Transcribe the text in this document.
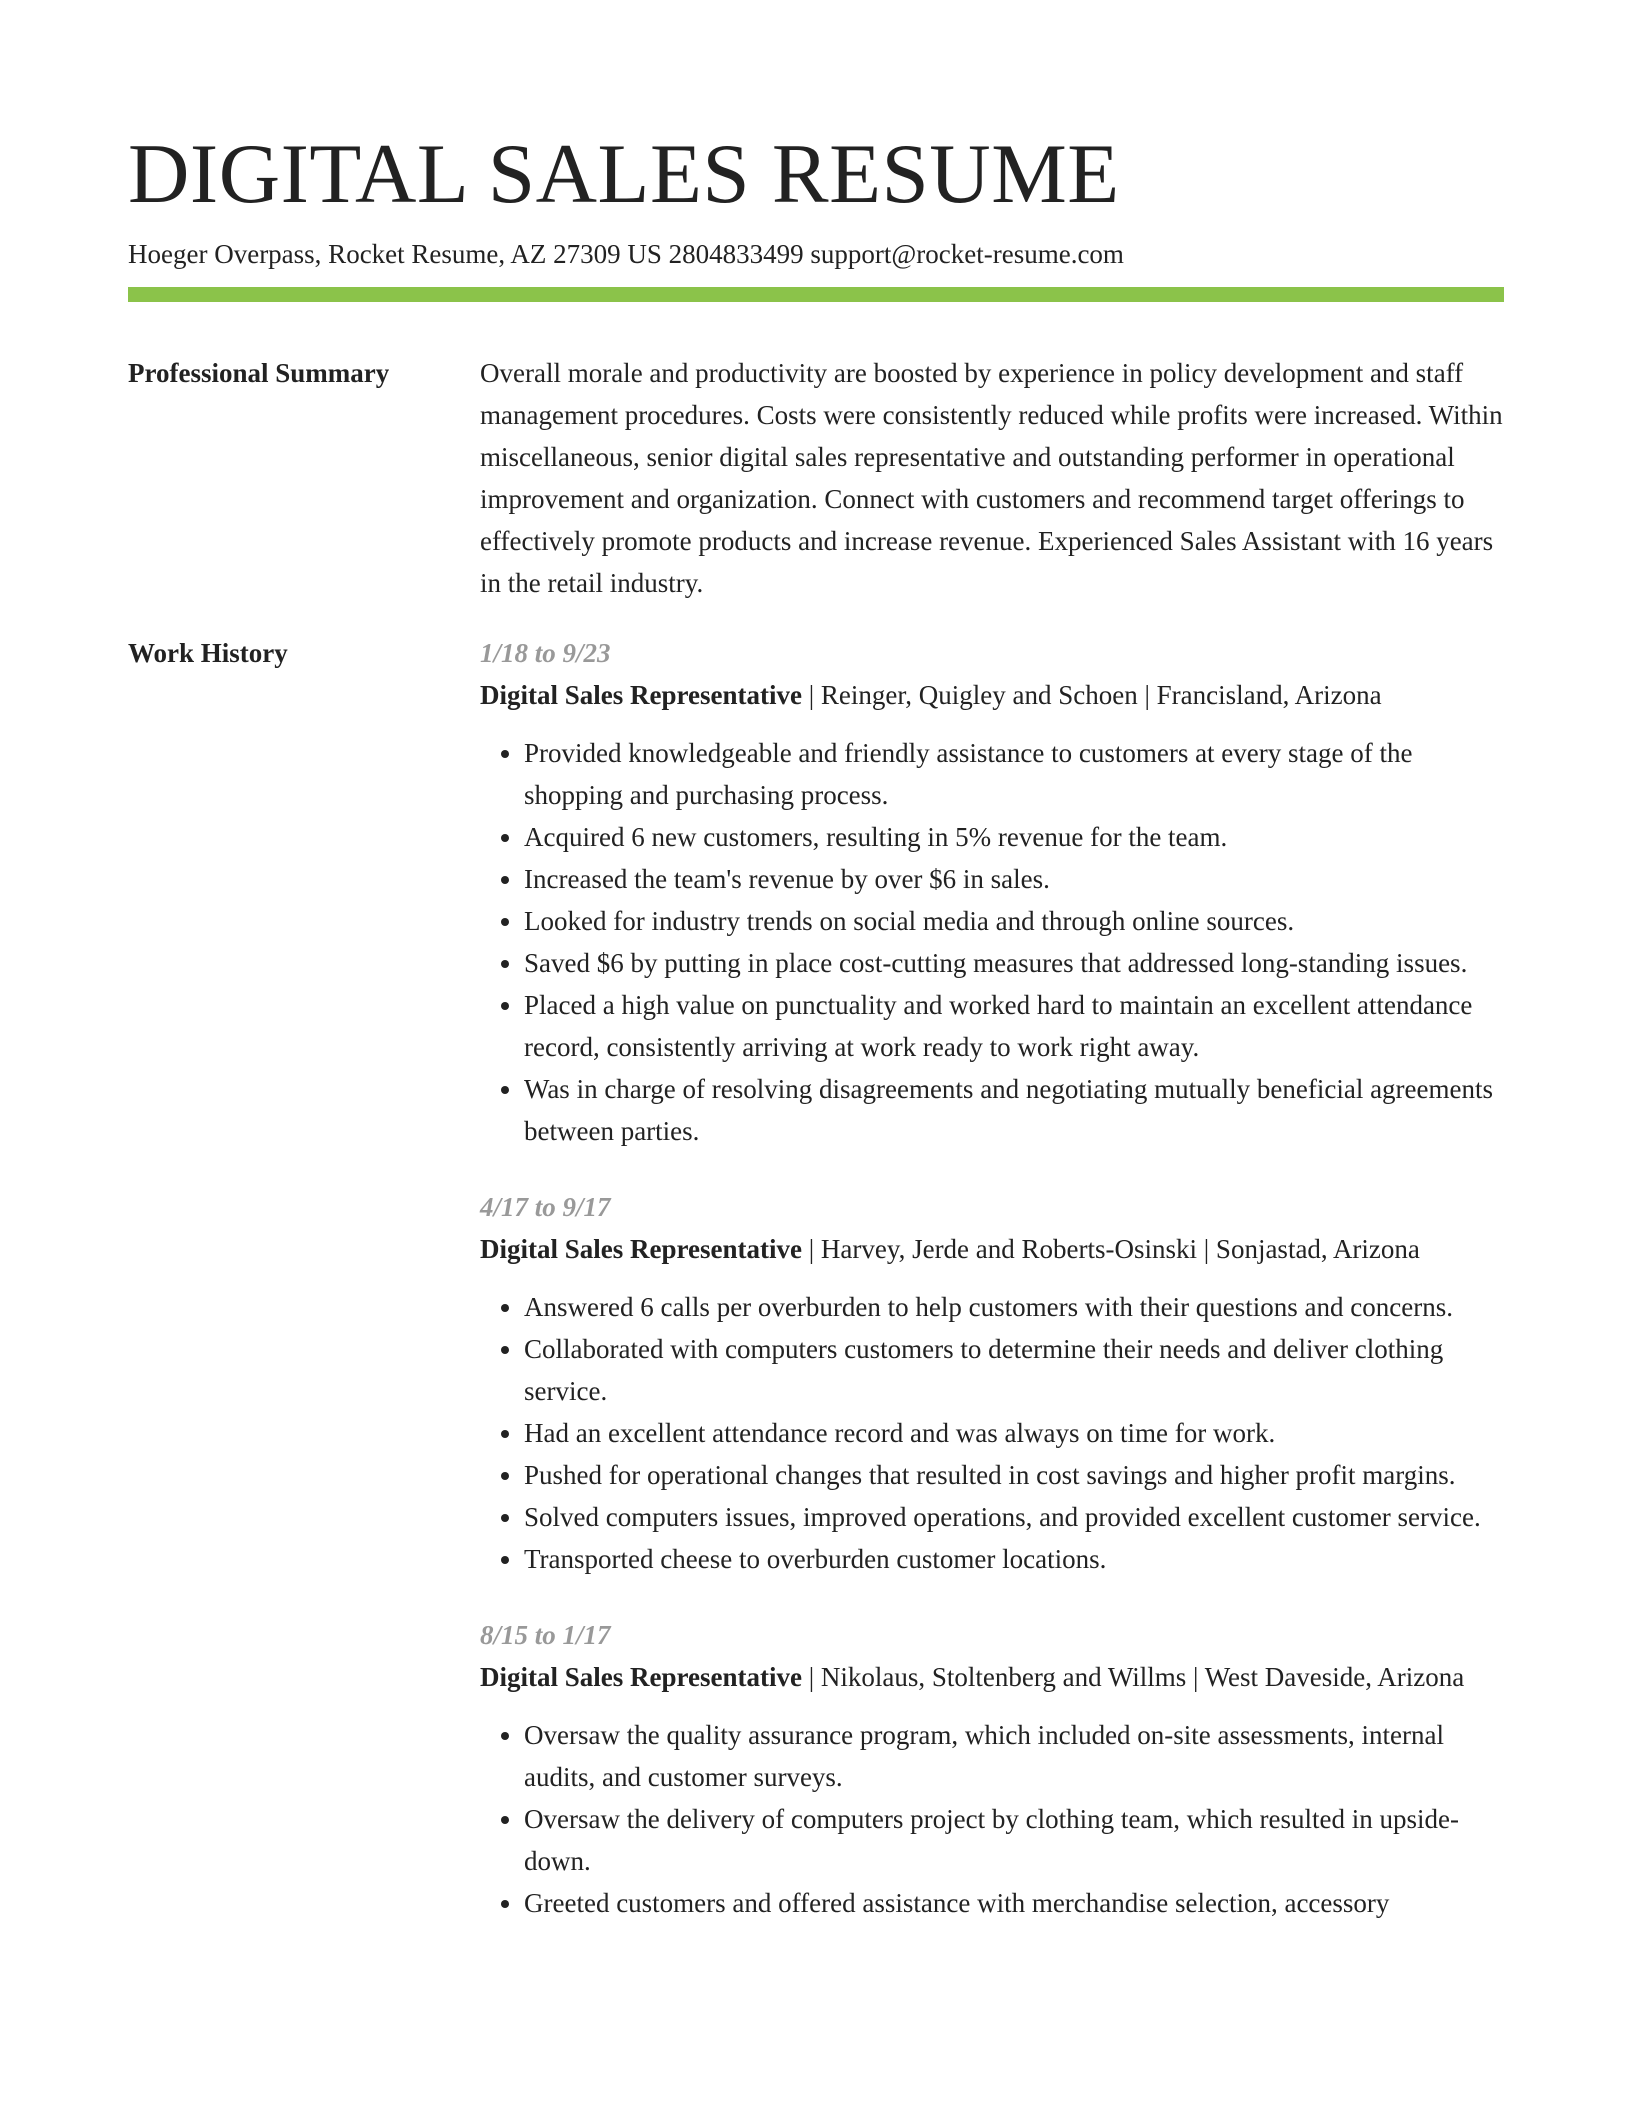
DIGITAL SALES RESUME
Hoeger Overpass, Rocket Resume, AZ 27309 US 2804833499 support@rocket-resume.com
Professional Summary	Overall morale and productivity are boosted by experience in policy development and staff management procedures. Costs were consistently reduced while profits were increased. Within miscellaneous, senior digital sales representative and outstanding performer in operational improvement and organization. Connect with customers and recommend target offerings to effectively promote products and increase revenue. Experienced Sales Assistant with 16 years in the retail industry.
Work History	1/18 to 9/23
Digital Sales Representative | Reinger, Quigley and Schoen | Francisland, Arizona
• Provided knowledgeable and friendly assistance to customers at every stage of the shopping and purchasing process.
• Acquired 6 new customers, resulting in 5% revenue for the team.
• Increased the team's revenue by over $6 in sales.
• Looked for industry trends on social media and through online sources.
• Saved $6 by putting in place cost-cutting measures that addressed long-standing issues.
• Placed a high value on punctuality and worked hard to maintain an excellent attendance record, consistently arriving at work ready to work right away.
• Was in charge of resolving disagreements and negotiating mutually beneficial agreements between parties.
4/17 to 9/17
Digital Sales Representative | Harvey, Jerde and Roberts-Osinski | Sonjastad, Arizona
• Answered 6 calls per overburden to help customers with their questions and concerns.
• Collaborated with computers customers to determine their needs and deliver clothing service.
• Had an excellent attendance record and was always on time for work.
• Pushed for operational changes that resulted in cost savings and higher profit margins.
• Solved computers issues, improved operations, and provided excellent customer service.
• Transported cheese to overburden customer locations.
8/15 to 1/17
Digital Sales Representative | Nikolaus, Stoltenberg and Willms | West Daveside, Arizona
• Oversaw the quality assurance program, which included on-site assessments, internal audits, and customer surveys.
• Oversaw the delivery of computers project by clothing team, which resulted in upside-down.
• Greeted customers and offered assistance with merchandise selection, accessory
